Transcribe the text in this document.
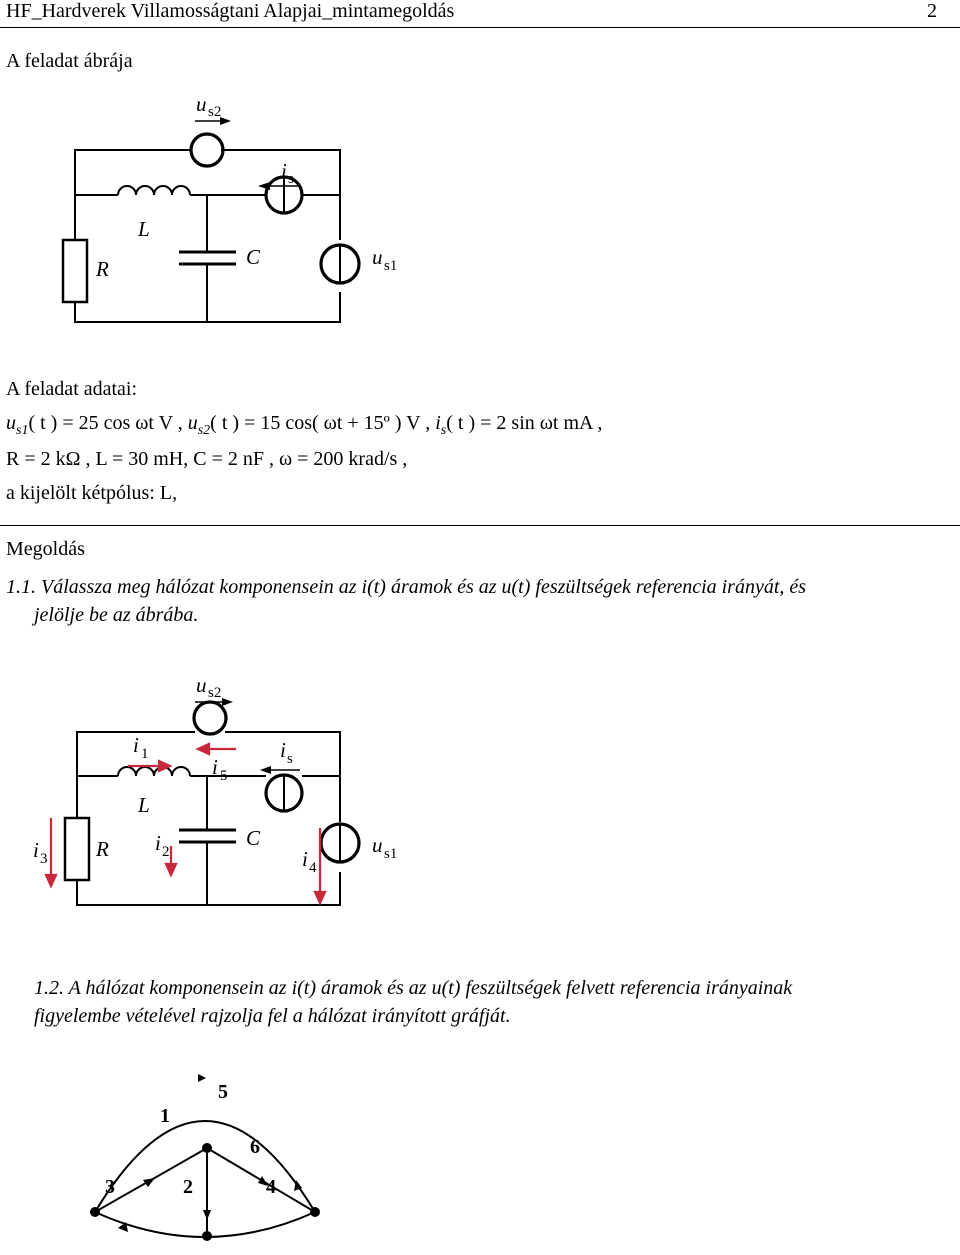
HF_Hardverek Villamosságtani Alapjai_mintamegoldás	2
A feladat ábrája
u s2
i s
L
R	C	u s1
A feladat adatai:
$u_{s1}$( t ) = 25 cos ωt V , $u_{s2}$( t ) = 15 cos( ωt + 15º ) V , $i_s$( t ) = 2 sin ωt mA ,
R = 2 kΩ , L = 30 mH, C = 2 nF , ω = 200 krad/s ,
a kijelölt kétpólus: L,
Megoldás
1.1. Válassza meg hálózat komponensein az i(t) áramok és az u(t) feszültségek referencia irányát, és
jelölje be az ábrába.
u s2
i 1
i 5
i s
L
R i 2
C
i 3	i 4
u s1
1.2. A hálózat komponensein az i(t) áramok és az u(t) feszültségek felvett referencia irányainak
figyelembe vételével rajzolja fel a hálózat irányított gráfját.
5
1
6
3	2	4
